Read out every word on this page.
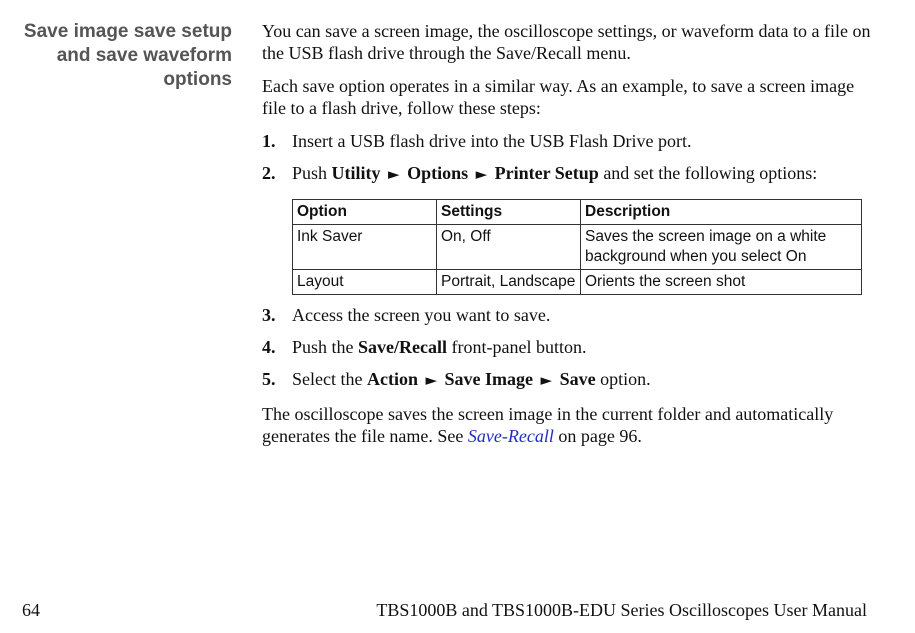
Save image save setup
and save waveform
options

You can save a screen image, the oscilloscope settings, or waveform data to a file on the USB flash drive through the Save/Recall menu.

Each save option operates in a similar way. As an example, to save a screen image file to a flash drive, follow these steps:

1. Insert a USB flash drive into the USB Flash Drive port.
2. Push Utility ► Options ► Printer Setup and set the following options:
Option	Settings	Description
Ink Saver	On, Off	Saves the screen image on a white background when you select On
Layout	Portrait, Landscape	Orients the screen shot
3. Access the screen you want to save.
4. Push the Save/Recall front-panel button.
5. Select the Action ► Save Image ► Save option.

The oscilloscope saves the screen image in the current folder and automatically generates the file name. See Save-Recall on page 96.

64	TBS1000B and TBS1000B-EDU Series Oscilloscopes User Manual
